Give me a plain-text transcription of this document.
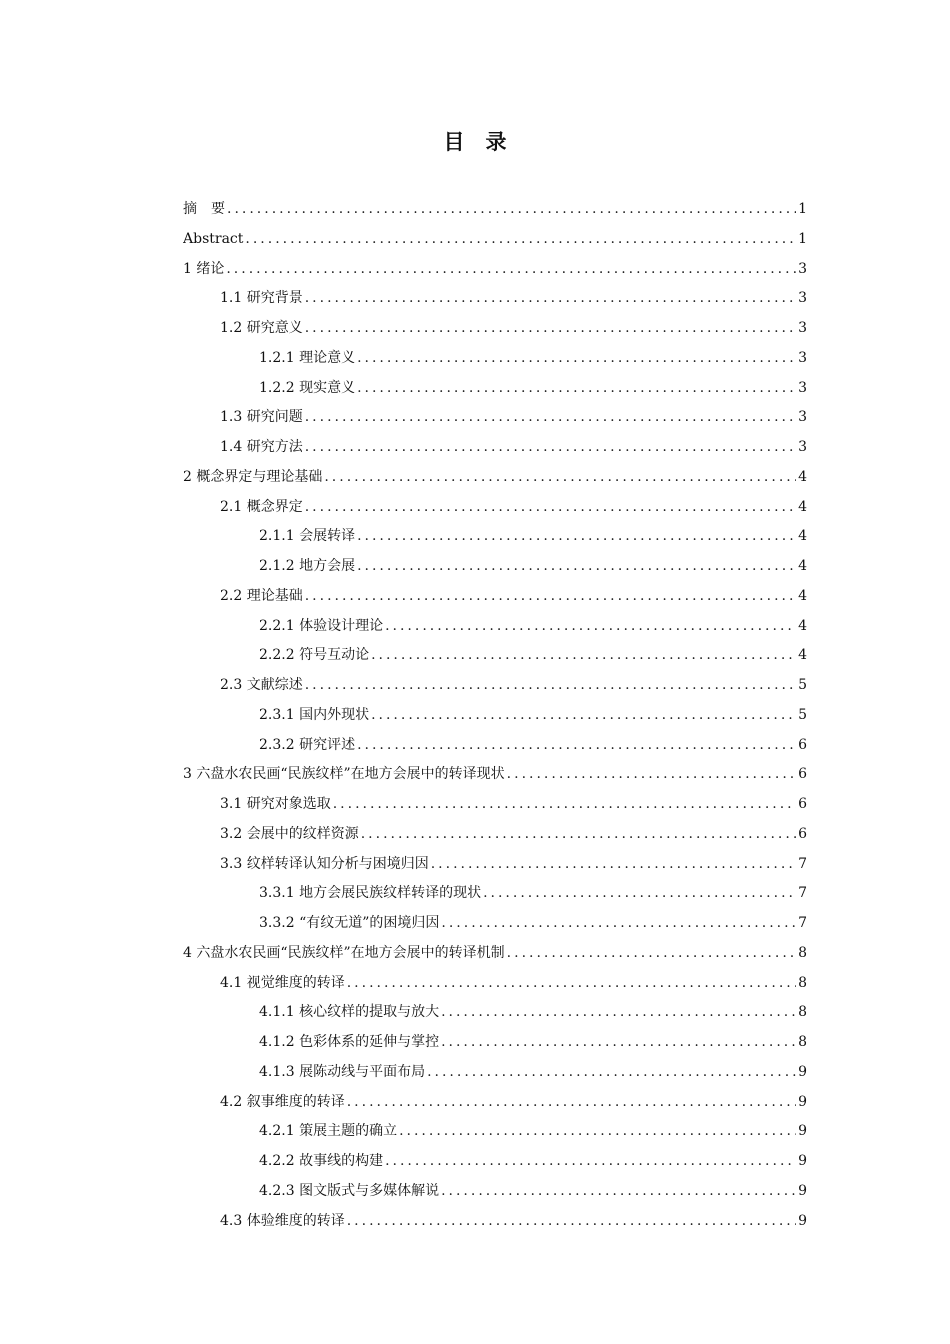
目　录
摘　要 .....	1
Abstract .....	1
1 绪论 .....	3
1.1 研究背景 .....	3
1.2 研究意义 .....	3
1.2.1 理论意义 .....	3
1.2.2 现实意义 .....	3
1.3 研究问题 .....	3
1.4 研究方法 .....	3
2 概念界定与理论基础 .....	4
2.1 概念界定 .....	4
2.1.1 会展转译 .....	4
2.1.2 地方会展 .....	4
2.2 理论基础 .....	4
2.2.1 体验设计理论 .....	4
2.2.2 符号互动论 .....	4
2.3 文献综述 .....	5
2.3.1 国内外现状 .....	5
2.3.2 研究评述 .....	6
3 六盘水农民画“民族纹样”在地方会展中的转译现状 .....	6
3.1 研究对象选取 .....	6
3.2 会展中的纹样资源 .....	6
3.3 纹样转译认知分析与困境归因 .....	7
3.3.1 地方会展民族纹样转译的现状 .....	7
3.3.2 “有纹无道”的困境归因 .....	7
4 六盘水农民画“民族纹样”在地方会展中的转译机制 .....	8
4.1 视觉维度的转译 .....	8
4.1.1 核心纹样的提取与放大 .....	8
4.1.2 色彩体系的延伸与掌控 .....	8
4.1.3 展陈动线与平面布局 .....	9
4.2 叙事维度的转译 .....	9
4.2.1 策展主题的确立 .....	9
4.2.2 故事线的构建 .....	9
4.2.3 图文版式与多媒体解说 .....	9
4.3 体验维度的转译 .....	9
